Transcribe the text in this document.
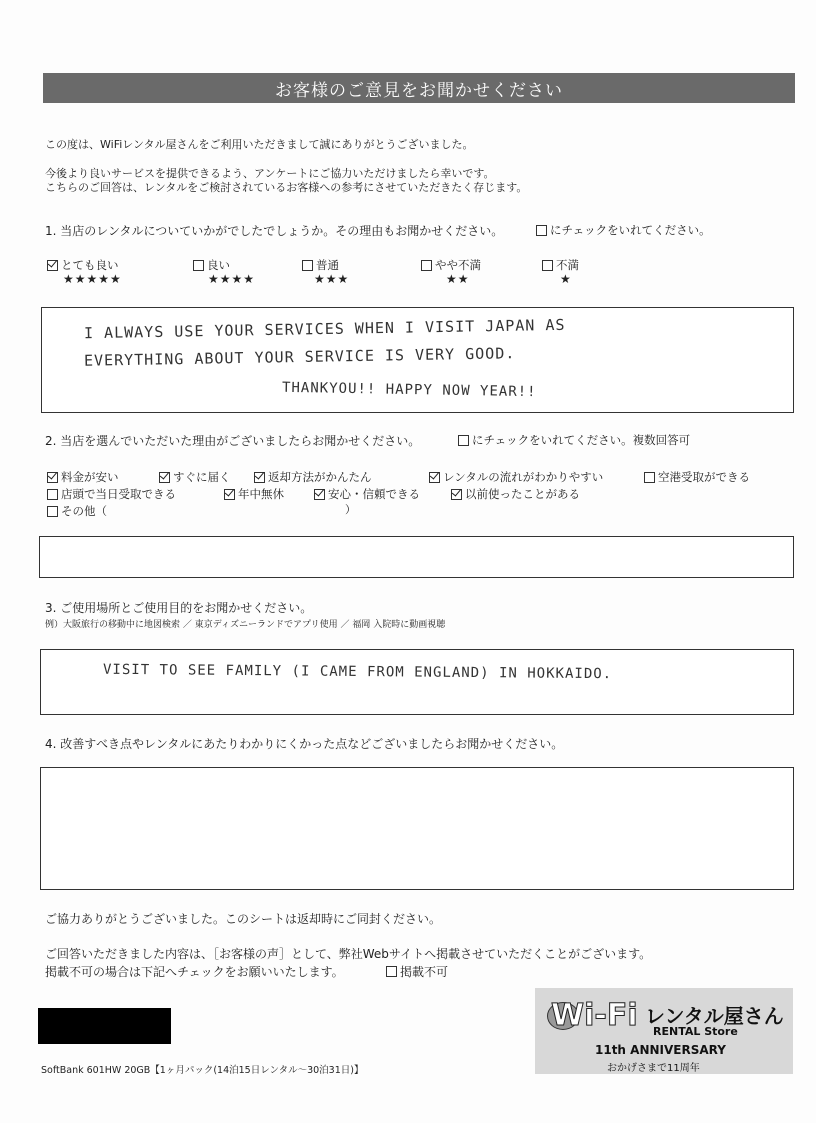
お客様のご意見をお聞かせください
この度は、WiFiレンタル屋さんをご利用いただきまして誠にありがとうございました。
今後より良いサービスを提供できるよう、アンケートにご協力いただけましたら幸いです。
こちらのご回答は、レンタルをご検討されているお客様への参考にさせていただきたく存じます。
1. 当店のレンタルについていかがでしたでしょうか。その理由もお聞かせください。	にチェックをいれてください。
とても良い
★★★★★
良い
★★★★
普通
★★★
やや不満
★★
不満
★
I ALWAYS USE YOUR SERVICES WHEN I VISIT JAPAN AS
EVERYTHING ABOUT YOUR SERVICE IS VERY GOOD.
THANKYOU!! HAPPY NOW YEAR!!
2. 当店を選んでいただいた理由がございましたらお聞かせください。	にチェックをいれてください。複数回答可
料金が安い	すぐに届く	返却方法がかんたん	レンタルの流れがわかりやすい	空港受取ができる
店頭で当日受取できる	年中無休	安心・信頼できる	以前使ったことがある
その他（	）
3. ご使用場所とご使用目的をお聞かせください。
例）大阪旅行の移動中に地図検索 ／ 東京ディズニーランドでアプリ使用 ／ 福岡 入院時に動画視聴
VISIT TO SEE FAMILY (I CAME FROM ENGLAND) IN HOKKAIDO.
4. 改善すべき点やレンタルにあたりわかりにくかった点などございましたらお聞かせください。
ご協力ありがとうございました。このシートは返却時にご同封ください。
ご回答いただきました内容は、［お客様の声］として、弊社Webサイトへ掲載させていただくことがございます。
掲載不可の場合は下記へチェックをお願いいたします。	掲載不可
SoftBank 601HW 20GB【1ヶ月パック(14泊15日レンタル～30泊31日)】
Wi-Fi レンタル屋さん
RENTAL Store
11th ANNIVERSARY
おかげさまで11周年
